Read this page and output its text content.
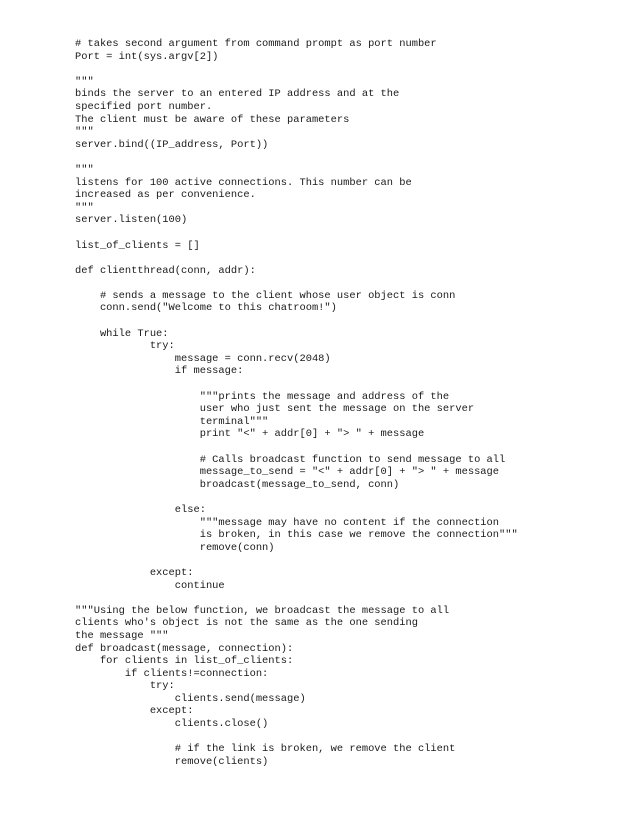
# takes second argument from command prompt as port number
Port = int(sys.argv[2])
"""
binds the server to an entered IP address and at the
specified port number.
The client must be aware of these parameters
"""
server.bind((IP_address, Port))
"""
listens for 100 active connections. This number can be
increased as per convenience.
"""
server.listen(100)
list_of_clients = []
def clientthread(conn, addr):
# sends a message to the client whose user object is conn
conn.send("Welcome to this chatroom!")
while True:
try:
message = conn.recv(2048)
if message:
"""prints the message and address of the
user who just sent the message on the server
terminal"""
print "<" + addr[0] + "> " + message
# Calls broadcast function to send message to all
message_to_send = "<" + addr[0] + "> " + message
broadcast(message_to_send, conn)
else:
"""message may have no content if the connection
is broken, in this case we remove the connection"""
remove(conn)
except:
continue
"""Using the below function, we broadcast the message to all
clients who's object is not the same as the one sending
the message """
def broadcast(message, connection):
for clients in list_of_clients:
if clients!=connection:
try:
clients.send(message)
except:
clients.close()
# if the link is broken, we remove the client
remove(clients)
